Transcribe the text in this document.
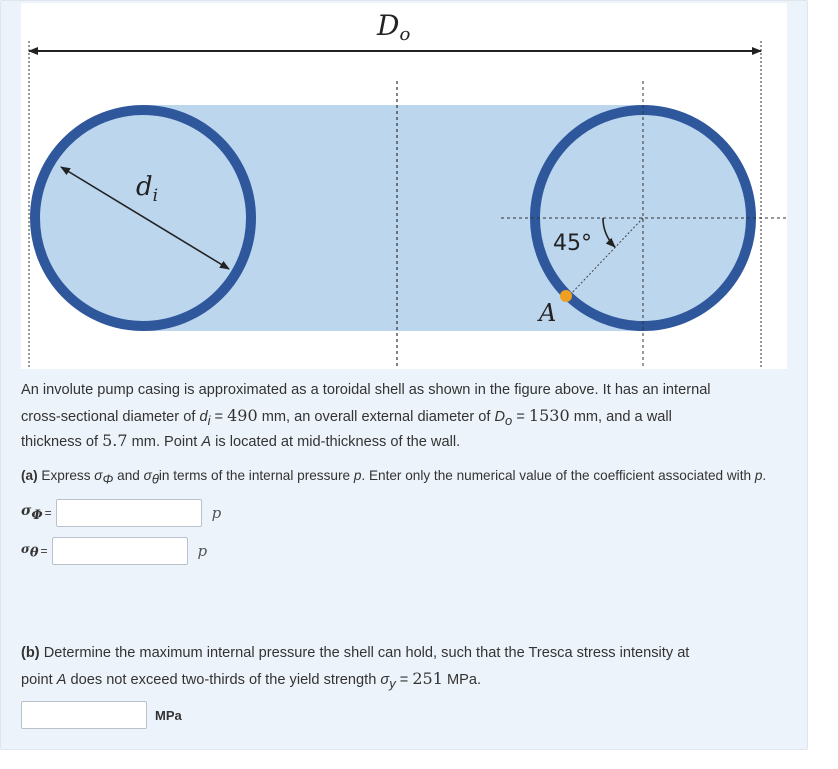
Do
$d_i$
45°
A
An involute pump casing is approximated as a toroidal shell as shown in the figure above. It has an internal
cross-sectional diameter of $d_i = 490$ mm, an overall external diameter of $D_o = 1530$ mm, and a wall
thickness of 5.7 mm. Point A is located at mid-thickness of the wall.
(a) Express $\sigma_\Phi$ and $\sigma_\theta in$ terms of the internal pressure p. Enter only the numerical value of the coefficient associated with p.
$\sigma_\Phi$ =	p
$\sigma_\theta$ =	p
(b) Determine the maximum internal pressure the shell can hold, such that the Tresca stress intensity at
point A does not exceed two-thirds of the yield strength $\sigma_y = 251$ MPa.
MPa
